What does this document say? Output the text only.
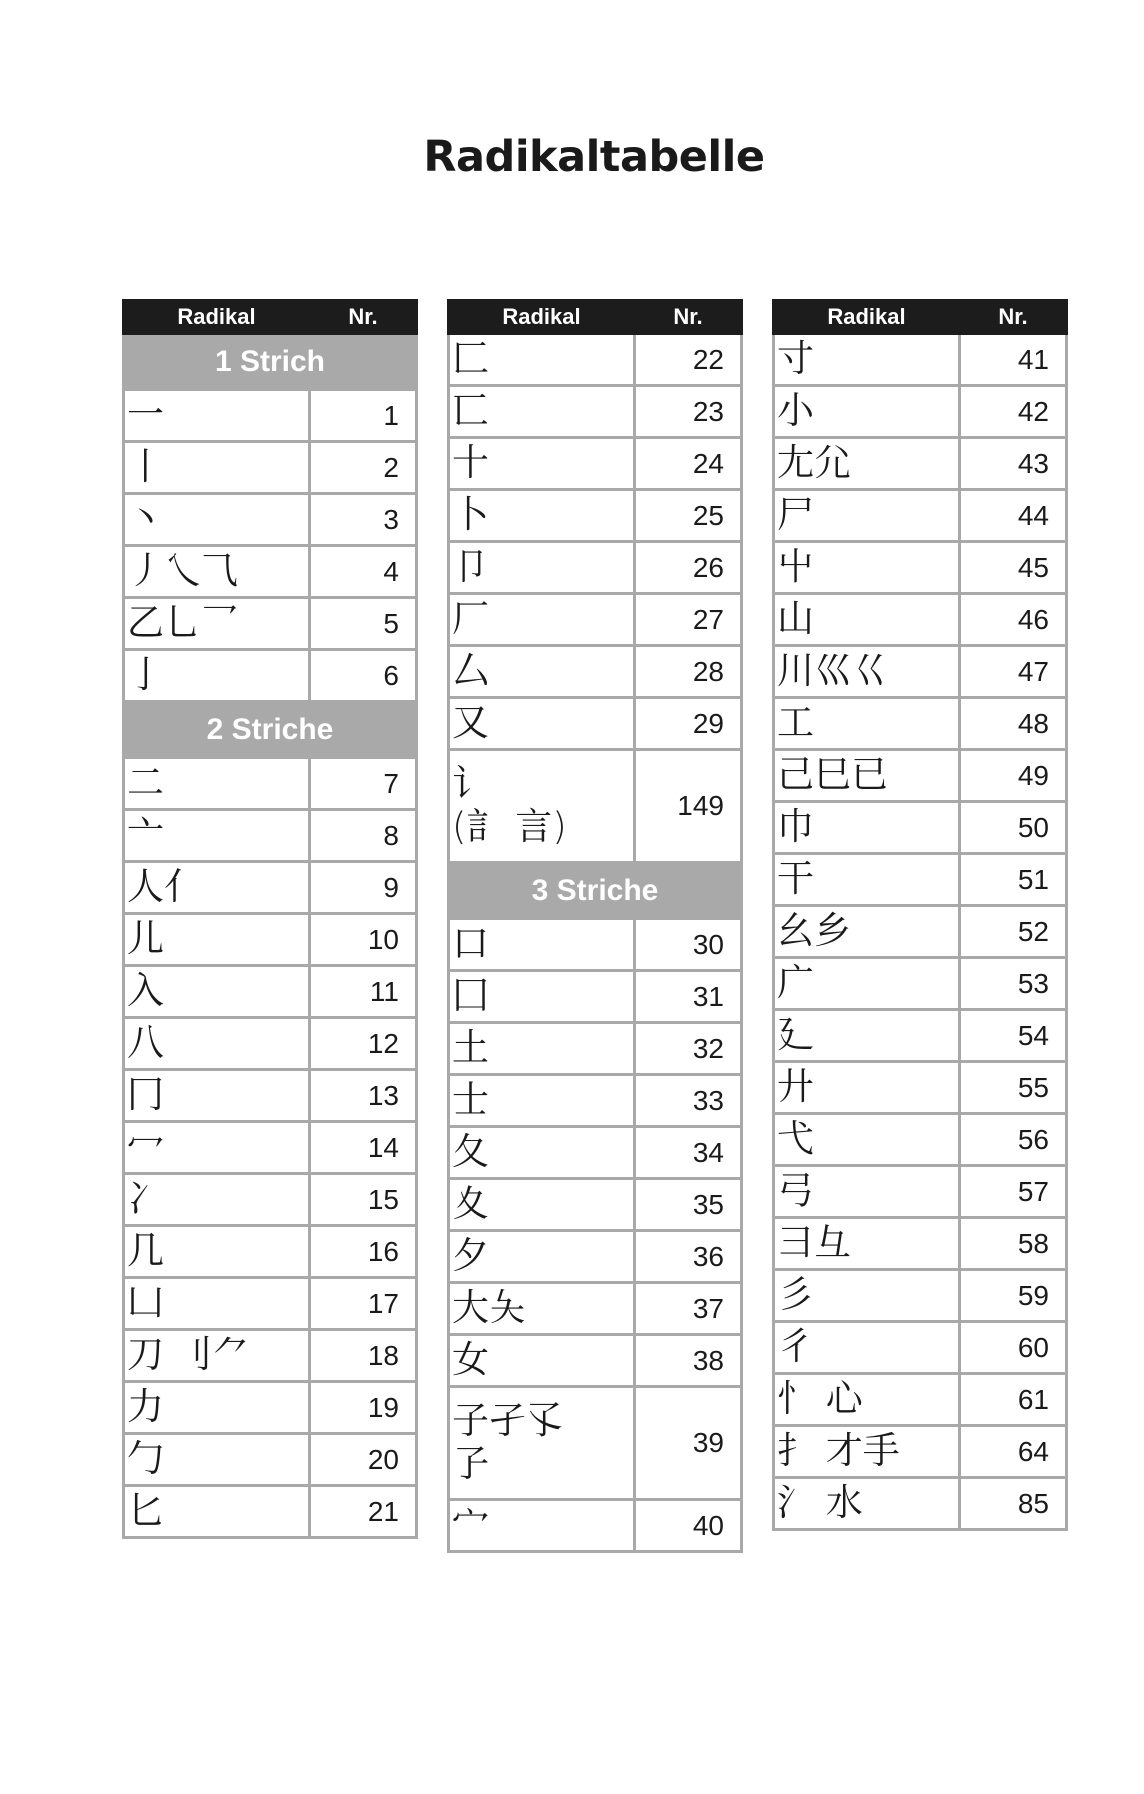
Radikaltabelle
Radikal	Nr.
1 Strich	

一	1

丨	2

丶	3

丿乀⺄	4

乙乚乛	5

亅	6
2 Striche	

二	7

亠	8

人亻	9

儿	10

入	11

八	12

冂	13

冖	14

冫	15

几	16

凵	17

刀 刂⺈	18

力	19

勹	20

匕	21
Radikal	Nr.

匚	22

匸	23

十	24

卜	25

卩	26

厂	27

厶	28

又	29

讠
(訁 言)	149
3 Striche	

口	30

囗	31

土	32

士	33

夂	34

夊	35

夕	36

大夨	37

女	38

子孑孓
孒	39

宀	40
Radikal	Nr.

寸	41

小	42

尢尣	43

尸	44

屮	45

山	46

川巛巜	47

工	48

己巳已	49

巾	50

干	51

幺乡	52

广	53

廴	54

廾	55

弋	56

弓	57

彐彑	58

彡	59

彳	60

忄 心	61

扌 才手	64

氵 水	85
